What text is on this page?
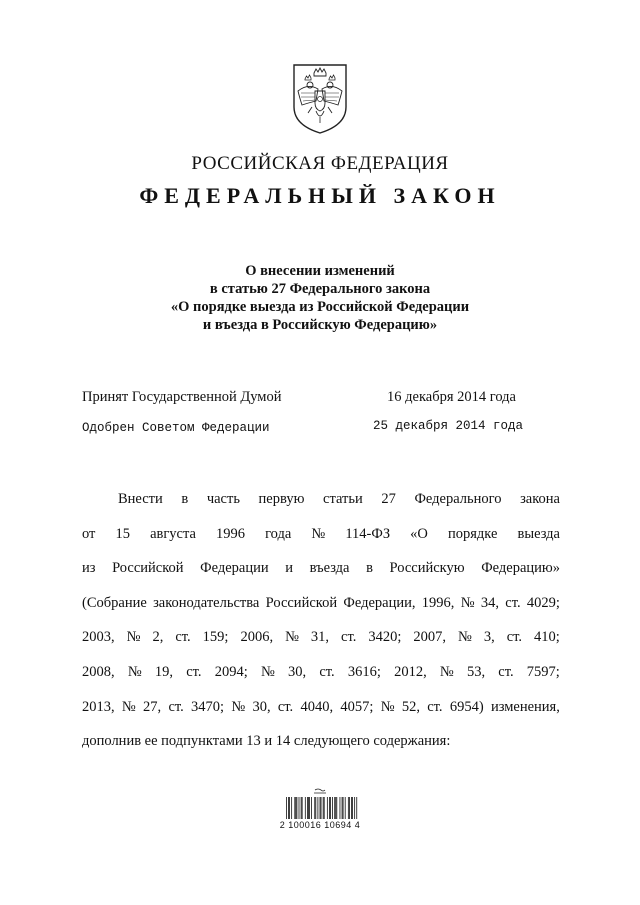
РОССИЙСКАЯ ФЕДЕРАЦИЯ
ФЕДЕРАЛЬНЫЙ ЗАКОН
О внесении изменений
в статью 27 Федерального закона
«О порядке выезда из Российской Федерации
и въезда в Российскую Федерацию»
Принят Государственной Думой	16 декабря 2014 года
Одобрен Советом Федерации	25 декабря 2014 года
Внести в часть первую статьи 27 Федерального закона
от 15 августа 1996 года № 114-ФЗ «О порядке выезда
из Российской Федерации и въезда в Российскую Федерацию»
(Собрание законодательства Российской Федерации, 1996, № 34, ст. 4029;
2003, № 2, ст. 159; 2006, № 31, ст. 3420; 2007, № 3, ст. 410;
2008, № 19, ст. 2094; № 30, ст. 3616; 2012, № 53, ст. 7597;
2013, № 27, ст. 3470; № 30, ст. 4040, 4057; № 52, ст. 6954) изменения,
дополнив ее подпунктами 13 и 14 следующего содержания:
2 100016 10694 4
